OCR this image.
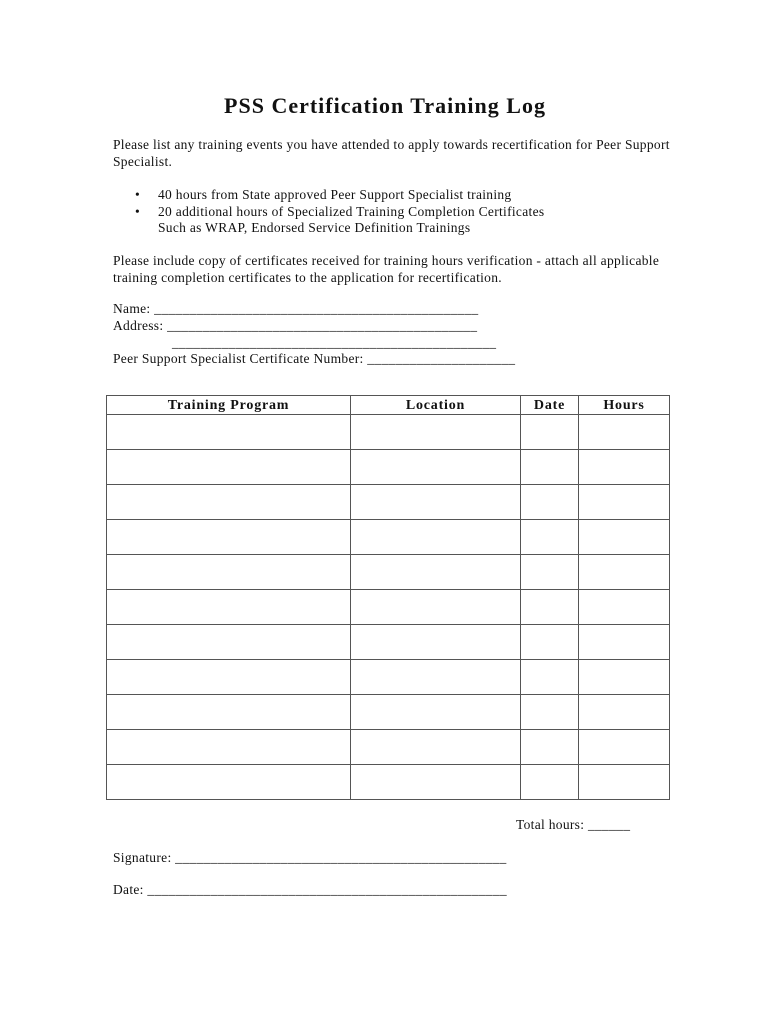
PSS Certification Training Log
Please list any training events you have attended to apply towards recertification for Peer Support Specialist.
• 40 hours from State approved Peer Support Specialist training
• 20 additional hours of Specialized Training Completion Certificates
Such as WRAP, Endorsed Service Definition Trainings
Please include copy of certificates received for training hours verification - attach all applicable training completion certificates to the application for recertification.
Name: ______________________________________________
Address: ____________________________________________
______________________________________________
Peer Support Specialist Certificate Number: _____________________
Training Program	Location	Date	Hours

Total hours: ______
Signature: _______________________________________________
Date: ___________________________________________________
